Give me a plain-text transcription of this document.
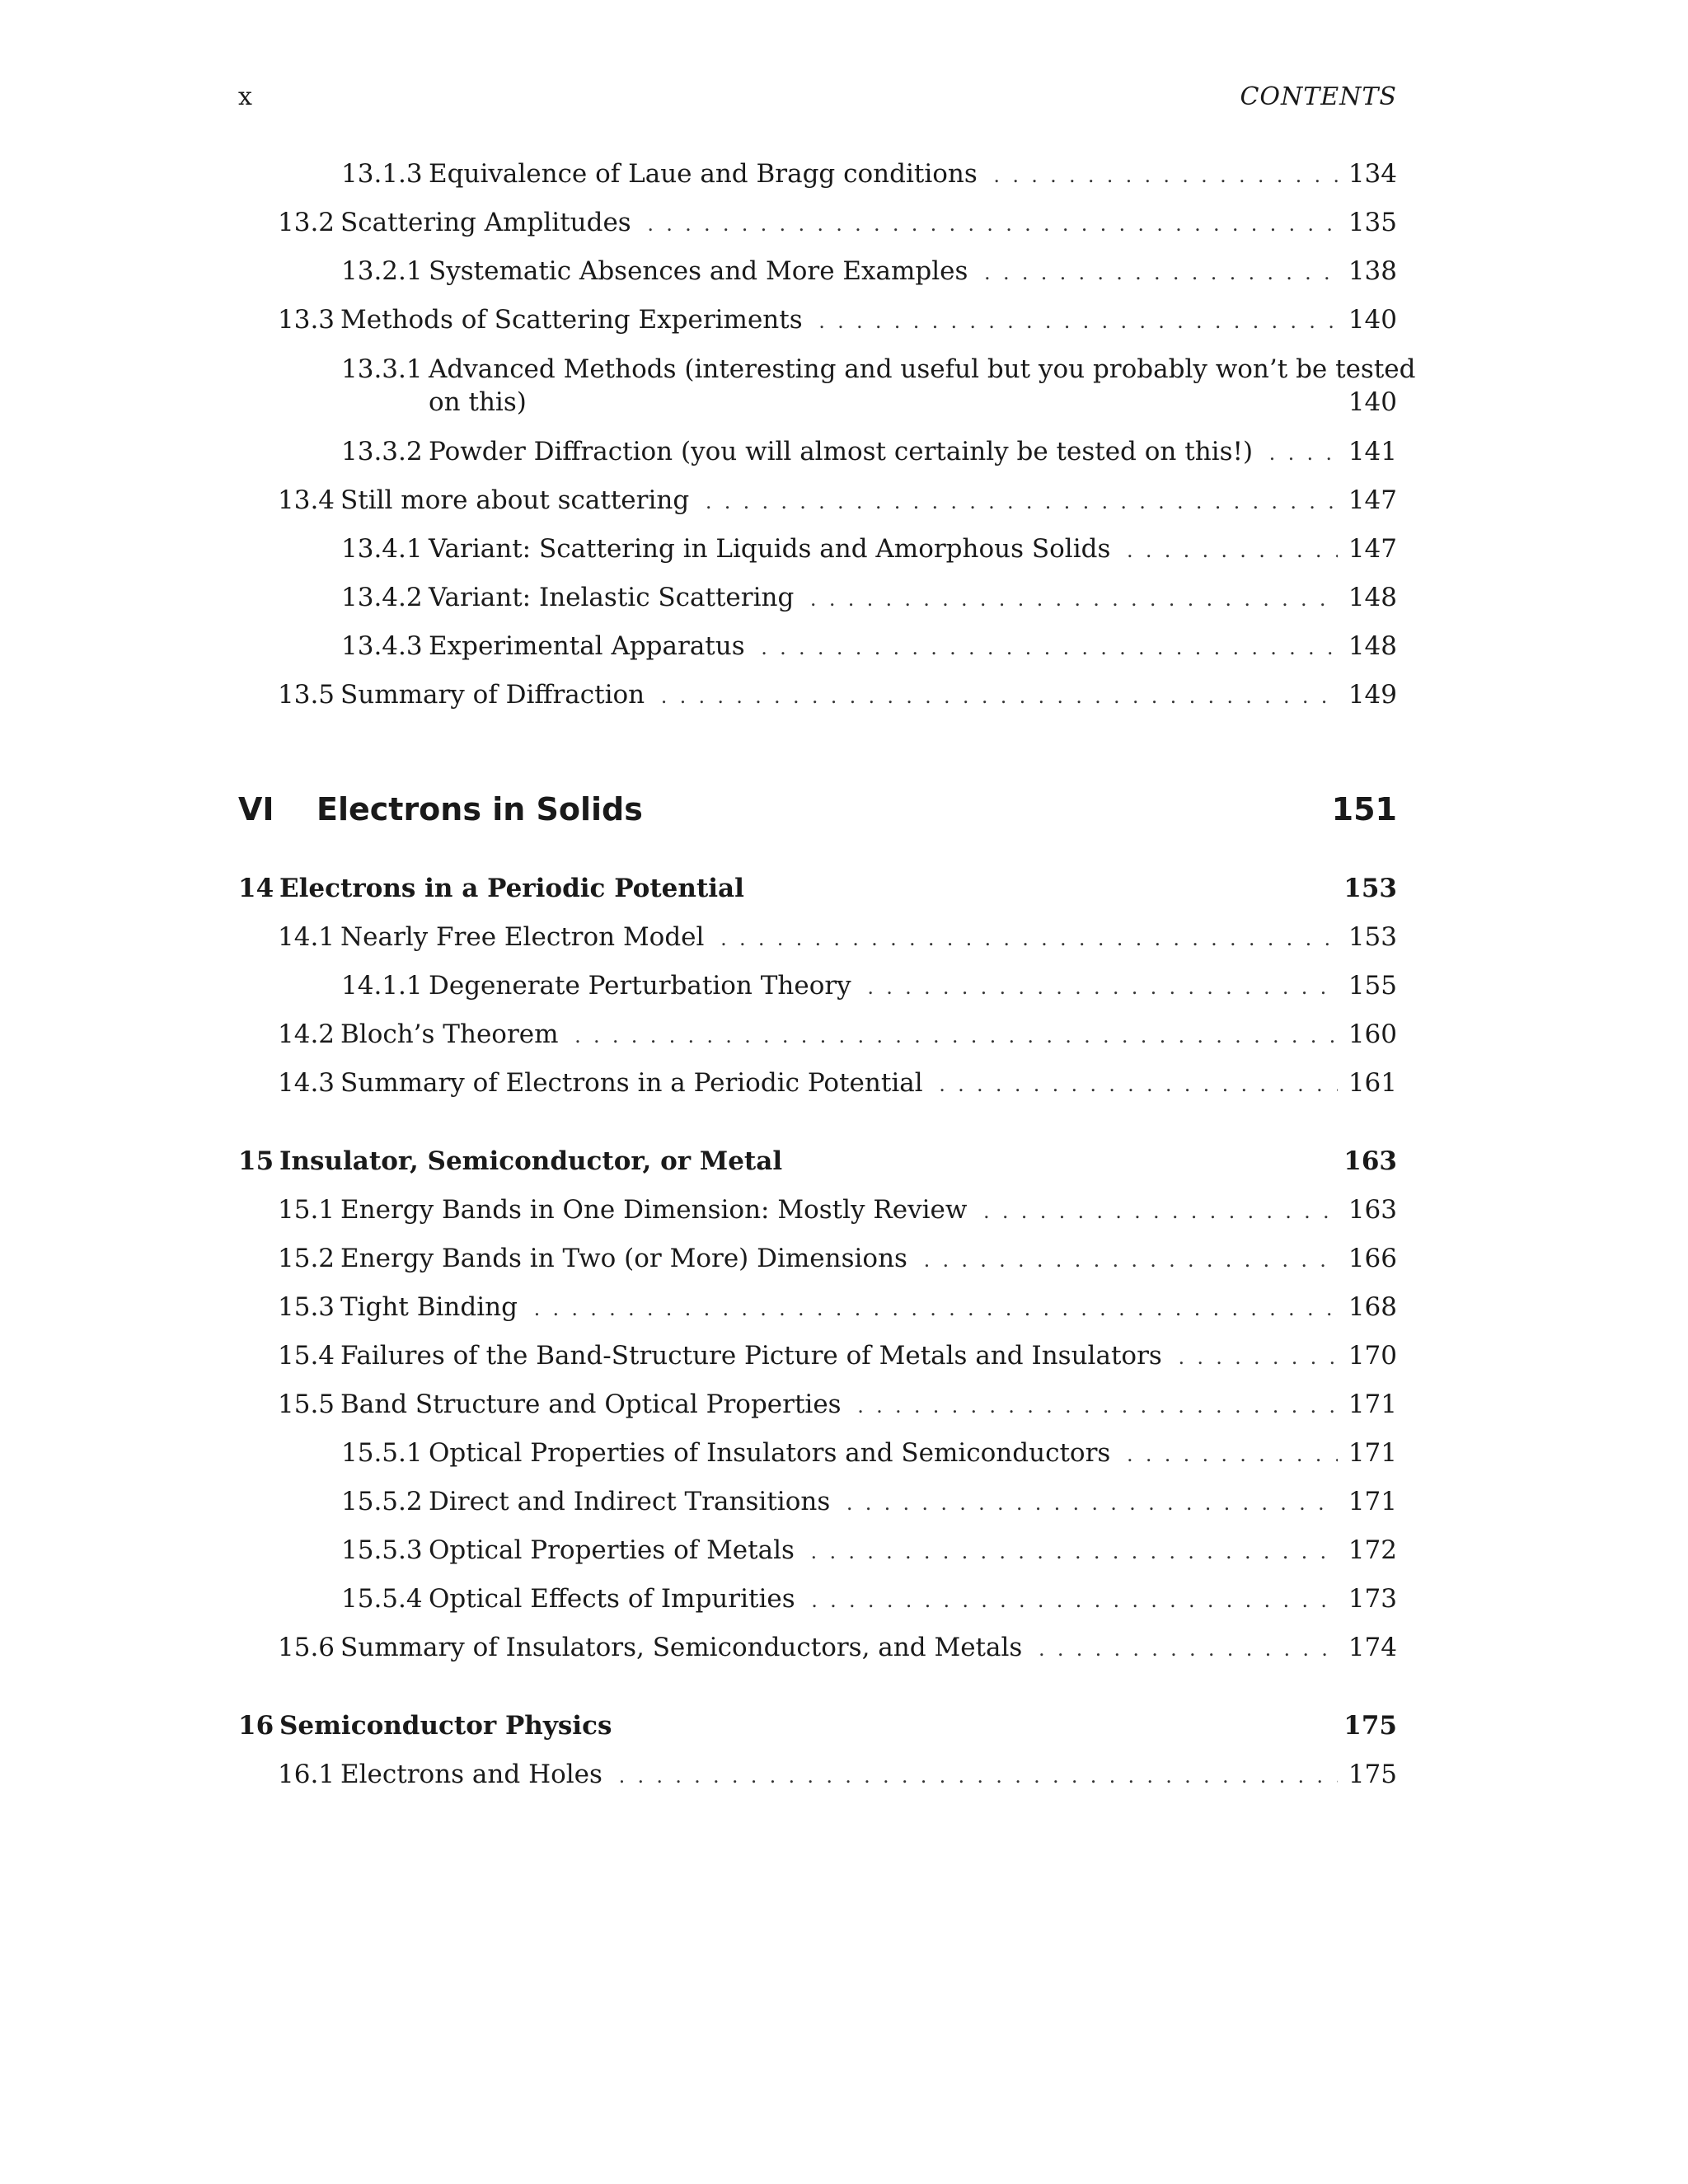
x	CONTENTS
13.1.3 Equivalence of Laue and Bragg conditions . .	134
13.2 Scattering Amplitudes . .	135
13.2.1 Systematic Absences and More Examples . .	138
13.3 Methods of Scattering Experiments . .	140
13.3.1 Advanced Methods (interesting and useful but you probably won’t be tested
on this)	140
13.3.2 Powder Diffraction (you will almost certainly be tested on this!) . .	141
13.4 Still more about scattering . .	147
13.4.1 Variant: Scattering in Liquids and Amorphous Solids . .	147
13.4.2 Variant: Inelastic Scattering . .	148
13.4.3 Experimental Apparatus . .	148
13.5 Summary of Diffraction . .	149
VI	Electrons in Solids	151
14 Electrons in a Periodic Potential	153
14.1 Nearly Free Electron Model . .	153
14.1.1 Degenerate Perturbation Theory . .	155
14.2 Bloch’s Theorem . .	160
14.3 Summary of Electrons in a Periodic Potential . .	161
15 Insulator, Semiconductor, or Metal	163
15.1 Energy Bands in One Dimension: Mostly Review . .	163
15.2 Energy Bands in Two (or More) Dimensions . .	166
15.3 Tight Binding . .	168
15.4 Failures of the Band-Structure Picture of Metals and Insulators . .	170
15.5 Band Structure and Optical Properties . .	171
15.5.1 Optical Properties of Insulators and Semiconductors . .	171
15.5.2 Direct and Indirect Transitions . .	171
15.5.3 Optical Properties of Metals . .	172
15.5.4 Optical Effects of Impurities . .	173
15.6 Summary of Insulators, Semiconductors, and Metals . .	174
16 Semiconductor Physics	175
16.1 Electrons and Holes . .	175
